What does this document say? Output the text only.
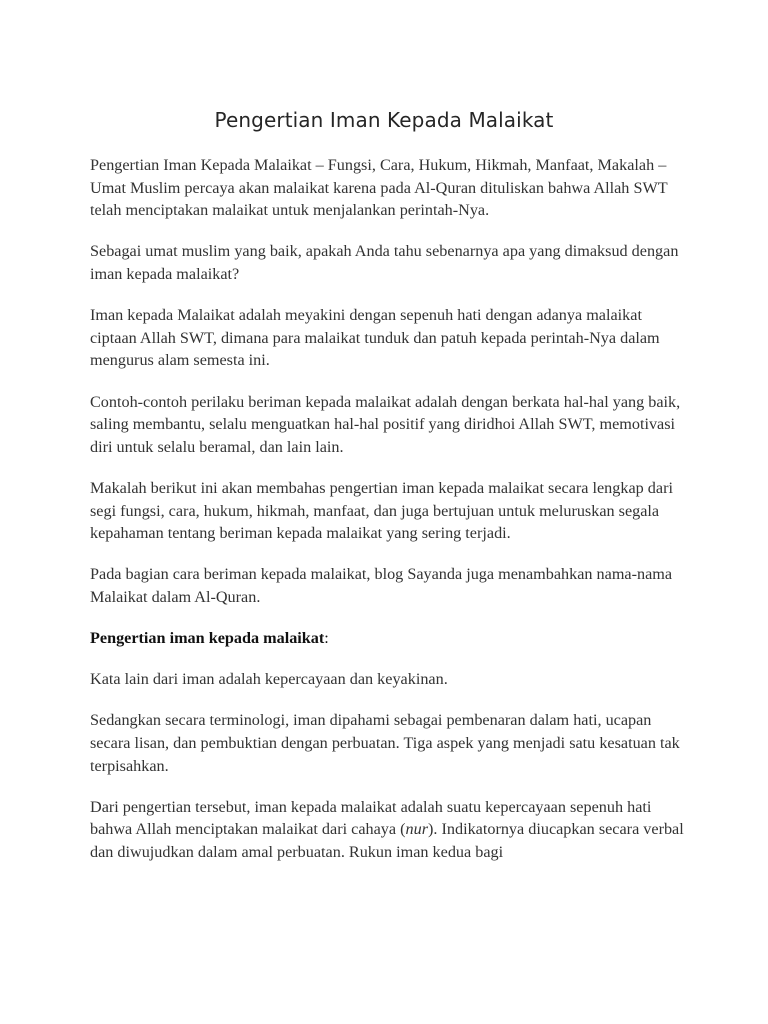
Pengertian Iman Kepada Malaikat

Pengertian Iman Kepada Malaikat – Fungsi, Cara, Hukum, Hikmah, Manfaat, Makalah – Umat Muslim percaya akan malaikat karena pada Al-Quran dituliskan bahwa Allah SWT telah menciptakan malaikat untuk menjalankan perintah-Nya.

Sebagai umat muslim yang baik, apakah Anda tahu sebenarnya apa yang dimaksud dengan iman kepada malaikat?

Iman kepada Malaikat adalah meyakini dengan sepenuh hati dengan adanya malaikat ciptaan Allah SWT, dimana para malaikat tunduk dan patuh kepada perintah-Nya dalam mengurus alam semesta ini.

Contoh-contoh perilaku beriman kepada malaikat adalah dengan berkata hal-hal yang baik, saling membantu, selalu menguatkan hal-hal positif yang diridhoi Allah SWT, memotivasi diri untuk selalu beramal, dan lain lain.

Makalah berikut ini akan membahas pengertian iman kepada malaikat secara lengkap dari segi fungsi, cara, hukum, hikmah, manfaat, dan juga bertujuan untuk meluruskan segala kepahaman tentang beriman kepada malaikat yang sering terjadi.

Pada bagian cara beriman kepada malaikat, blog Sayanda juga menambahkan nama-nama Malaikat dalam Al-Quran.

Pengertian iman kepada malaikat:

Kata lain dari iman adalah kepercayaan dan keyakinan.

Sedangkan secara terminologi, iman dipahami sebagai pembenaran dalam hati, ucapan secara lisan, dan pembuktian dengan perbuatan. Tiga aspek yang menjadi satu kesatuan tak terpisahkan.

Dari pengertian tersebut, iman kepada malaikat adalah suatu kepercayaan sepenuh hati bahwa Allah menciptakan malaikat dari cahaya (nur). Indikatornya diucapkan secara verbal dan diwujudkan dalam amal perbuatan. Rukun iman kedua bagi
